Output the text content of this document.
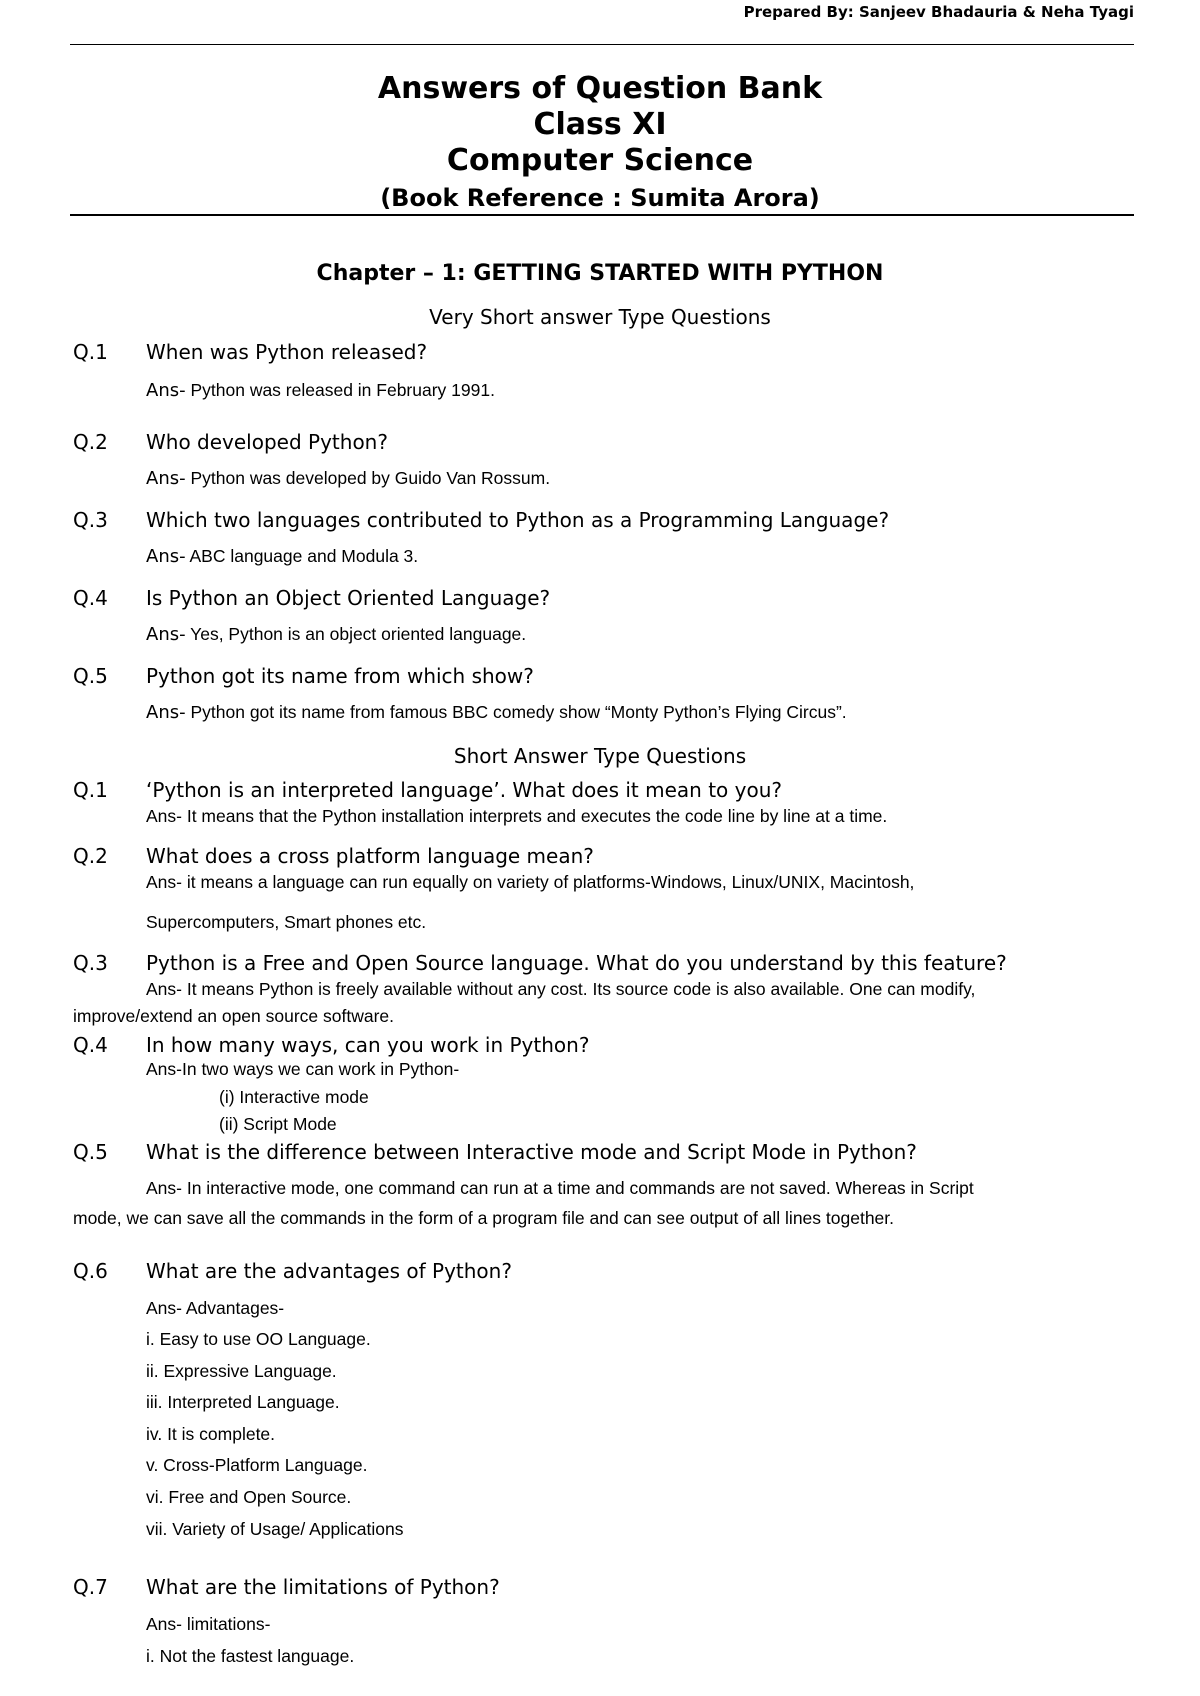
Prepared By: Sanjeev Bhadauria & Neha Tyagi
Answers of Question Bank
Class XI
Computer Science
(Book Reference : Sumita Arora)
Chapter – 1: GETTING STARTED WITH PYTHON
Very Short answer Type Questions
Q.1 When was Python released?
Ans- Python was released in February 1991.
Q.2 Who developed Python?
Ans- Python was developed by Guido Van Rossum.
Q.3 Which two languages contributed to Python as a Programming Language?
Ans- ABC language and Modula 3.
Q.4 Is Python an Object Oriented Language?
Ans- Yes, Python is an object oriented language.
Q.5 Python got its name from which show?
Ans- Python got its name from famous BBC comedy show “Monty Python’s Flying Circus”.
Short Answer Type Questions
Q.1 ‘Python is an interpreted language’. What does it mean to you?
Ans- It means that the Python installation interprets and executes the code line by line at a time.
Q.2 What does a cross platform language mean?
Ans- it means a language can run equally on variety of platforms-Windows, Linux/UNIX, Macintosh,
Supercomputers, Smart phones etc.
Q.3 Python is a Free and Open Source language. What do you understand by this feature?
Ans- It means Python is freely available without any cost. Its source code is also available. One can modify,
improve/extend an open source software.
Q.4 In how many ways, can you work in Python?
Ans-In two ways we can work in Python-
(i) Interactive mode
(ii) Script Mode
Q.5 What is the difference between Interactive mode and Script Mode in Python?
Ans- In interactive mode, one command can run at a time and commands are not saved. Whereas in Script
mode, we can save all the commands in the form of a program file and can see output of all lines together.
Q.6 What are the advantages of Python?
Ans- Advantages-
i. Easy to use OO Language.
ii. Expressive Language.
iii. Interpreted Language.
iv. It is complete.
v. Cross-Platform Language.
vi. Free and Open Source.
vii. Variety of Usage/ Applications
Q.7 What are the limitations of Python?
Ans- limitations-
i. Not the fastest language.
